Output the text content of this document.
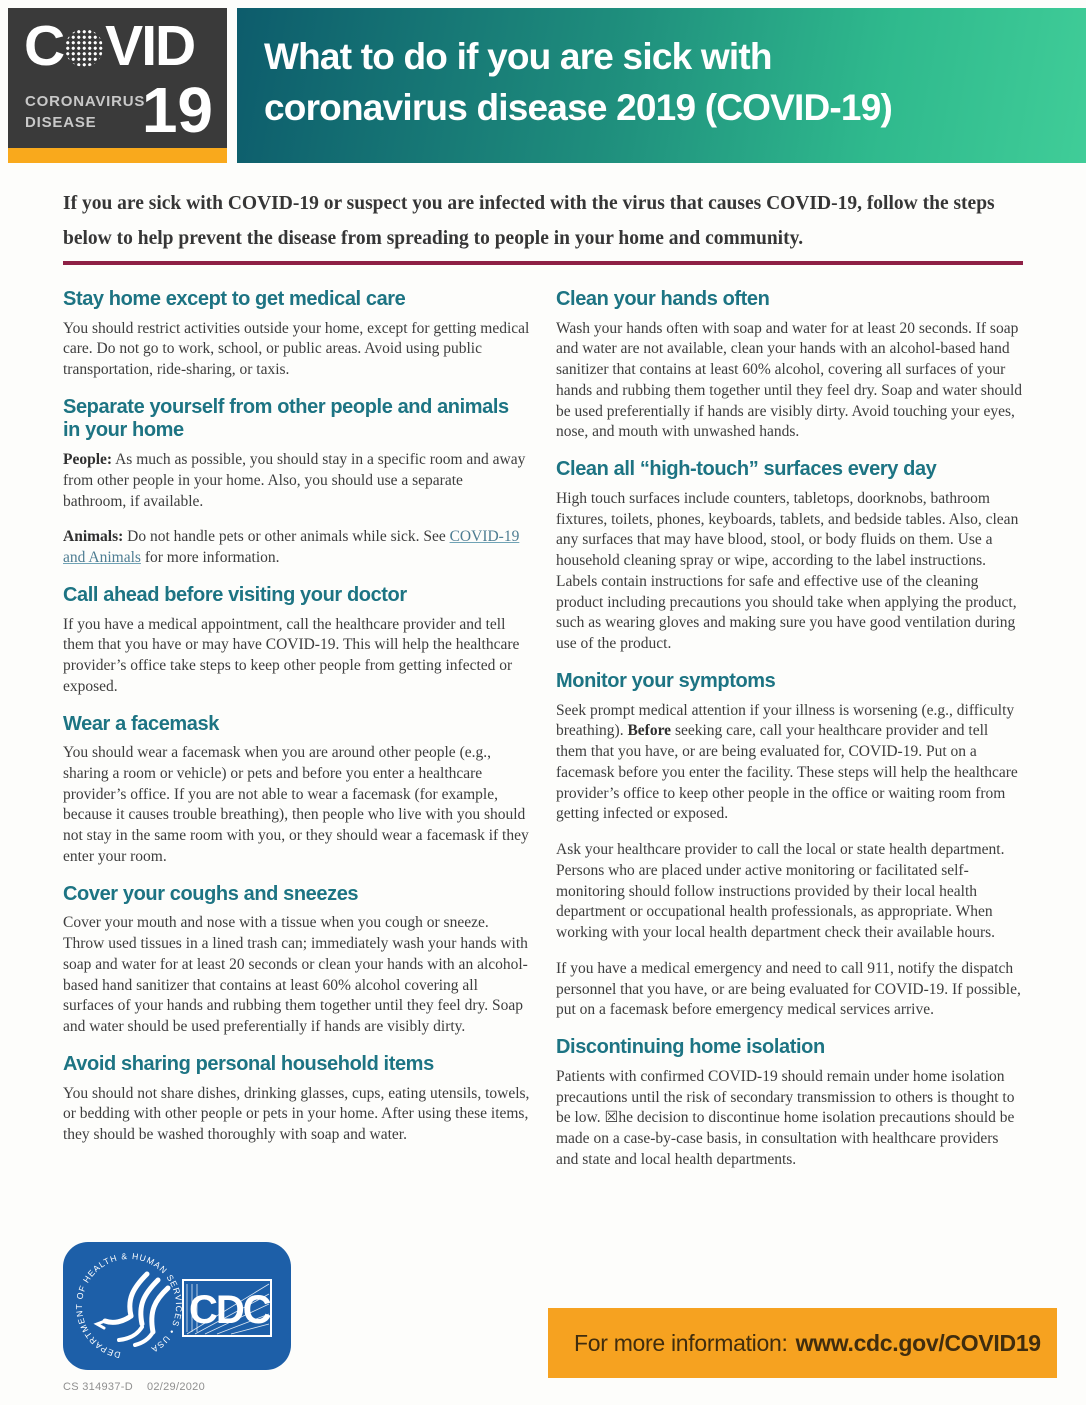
C VID
CORONAVIRUS
DISEASE 19
What to do if you are sick with
coronavirus disease 2019 (COVID-19)

If you are sick with COVID-19 or suspect you are infected with the virus that causes COVID-19, follow the steps below to help prevent the disease from spreading to people in your home and community.

Stay home except to get medical care

You should restrict activities outside your home, except for getting medical care. Do not go to work, school, or public areas. Avoid using public transportation, ride-sharing, or taxis.

Separate yourself from other people and animals in your home

People: As much as possible, you should stay in a specific room and away from other people in your home. Also, you should use a separate bathroom, if available.

Animals: Do not handle pets or other animals while sick. See COVID-19 and Animals for more information.

Call ahead before visiting your doctor

If you have a medical appointment, call the healthcare provider and tell them that you have or may have COVID-19. This will help the healthcare provider’s office take steps to keep other people from getting infected or exposed.

Wear a facemask

You should wear a facemask when you are around other people (e.g., sharing a room or vehicle) or pets and before you enter a healthcare provider’s office. If you are not able to wear a facemask (for example, because it causes trouble breathing), then people who live with you should not stay in the same room with you, or they should wear a facemask if they enter your room.

Cover your coughs and sneezes

Cover your mouth and nose with a tissue when you cough or sneeze. Throw used tissues in a lined trash can; immediately wash your hands with soap and water for at least 20 seconds or clean your hands with an alcohol-based hand sanitizer that contains at least 60% alcohol covering all surfaces of your hands and rubbing them together until they feel dry. Soap and water should be used preferentially if hands are visibly dirty.

Avoid sharing personal household items

You should not share dishes, drinking glasses, cups, eating utensils, towels, or bedding with other people or pets in your home. After using these items, they should be washed thoroughly with soap and water.

Clean your hands often

Wash your hands often with soap and water for at least 20 seconds. If soap and water are not available, clean your hands with an alcohol-based hand sanitizer that contains at least 60% alcohol, covering all surfaces of your hands and rubbing them together until they feel dry. Soap and water should be used preferentially if hands are visibly dirty. Avoid touching your eyes, nose, and mouth with unwashed hands.

Clean all “high-touch” surfaces every day

High touch surfaces include counters, tabletops, doorknobs, bathroom fixtures, toilets, phones, keyboards, tablets, and bedside tables. Also, clean any surfaces that may have blood, stool, or body fluids on them. Use a household cleaning spray or wipe, according to the label instructions. Labels contain instructions for safe and effective use of the cleaning product including precautions you should take when applying the product, such as wearing gloves and making sure you have good ventilation during use of the product.

Monitor your symptoms

Seek prompt medical attention if your illness is worsening (e.g., difficulty breathing). Before seeking care, call your healthcare provider and tell them that you have, or are being evaluated for, COVID-19. Put on a facemask before you enter the facility. These steps will help the healthcare provider’s office to keep other people in the office or waiting room from getting infected or exposed.

Ask your healthcare provider to call the local or state health department. Persons who are placed under active monitoring or facilitated self-monitoring should follow instructions provided by their local health department or occupational health professionals, as appropriate. When working with your local health department check their available hours.

If you have a medical emergency and need to call 911, notify the dispatch personnel that you have, or are being evaluated for COVID-19. If possible, put on a facemask before emergency medical services arrive.

Discontinuing home isolation

Patients with confirmed COVID-19 should remain under home isolation precautions until the risk of secondary transmission to others is thought to be low. ☒he decision to discontinue home isolation precautions should be made on a case-by-case basis, in consultation with healthcare providers and state and local health departments.

DEPARTMENT OF HEALTH & HUMAN SERVICES • USA
CDC
CS 314937-D 02/29/2020
For more information: www.cdc.gov/COVID19
